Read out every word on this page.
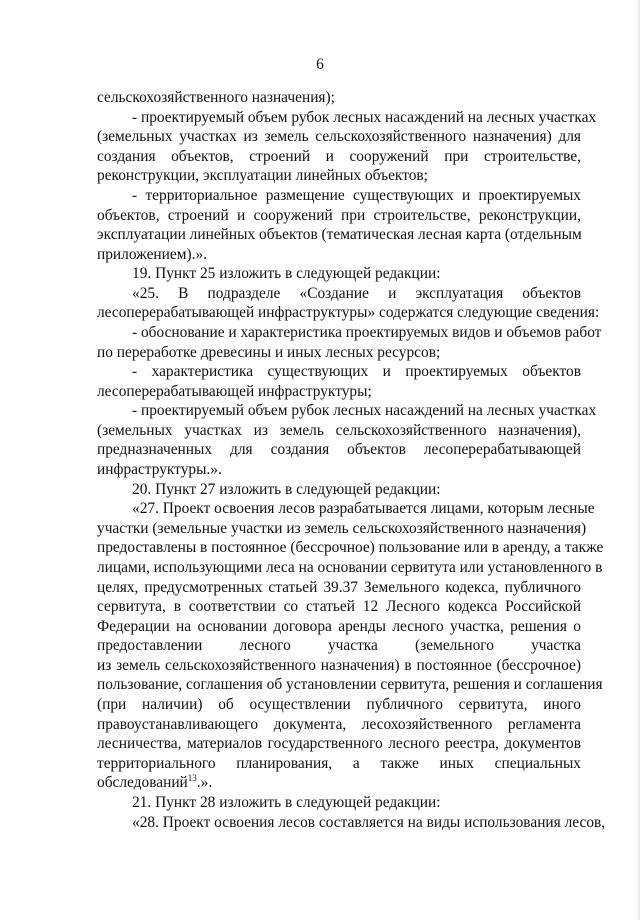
6
сельскохозяйственного назначения);
- проектируемый объем рубок лесных насаждений на лесных участках
(земельных участках из земель сельскохозяйственного назначения) для
создания объектов, строений и сооружений при строительстве,
реконструкции, эксплуатации линейных объектов;
- территориальное размещение существующих и проектируемых
объектов, строений и сооружений при строительстве, реконструкции,
эксплуатации линейных объектов (тематическая лесная карта (отдельным
приложением).».
19. Пункт 25 изложить в следующей редакции:
«25. В подразделе «Создание и эксплуатация объектов
лесоперерабатывающей инфраструктуры» содержатся следующие сведения:
- обоснование и характеристика проектируемых видов и объемов работ
по переработке древесины и иных лесных ресурсов;
- характеристика существующих и проектируемых объектов
лесоперерабатывающей инфраструктуры;
- проектируемый объем рубок лесных насаждений на лесных участках
(земельных участках из земель сельскохозяйственного назначения),
предназначенных для создания объектов лесоперерабатывающей
инфраструктуры.».
20. Пункт 27 изложить в следующей редакции:
«27. Проект освоения лесов разрабатывается лицами, которым лесные
участки (земельные участки из земель сельскохозяйственного назначения)
предоставлены в постоянное (бессрочное) пользование или в аренду, а также
лицами, использующими леса на основании сервитута или установленного в
целях, предусмотренных статьей 39.37 Земельного кодекса, публичного
сервитута, в соответствии со статьей 12 Лесного кодекса Российской
Федерации на основании договора аренды лесного участка, решения о
предоставлении лесного участка (земельного участка
из земель сельскохозяйственного назначения) в постоянное (бессрочное)
пользование, соглашения об установлении сервитута, решения и соглашения
(при наличии) об осуществлении публичного сервитута, иного
правоустанавливающего документа, лесохозяйственного регламента
лесничества, материалов государственного лесного реестра, документов
территориального планирования, а также иных специальных
обследований$^{13}$.».
21. Пункт 28 изложить в следующей редакции:
«28. Проект освоения лесов составляется на виды использования лесов,
